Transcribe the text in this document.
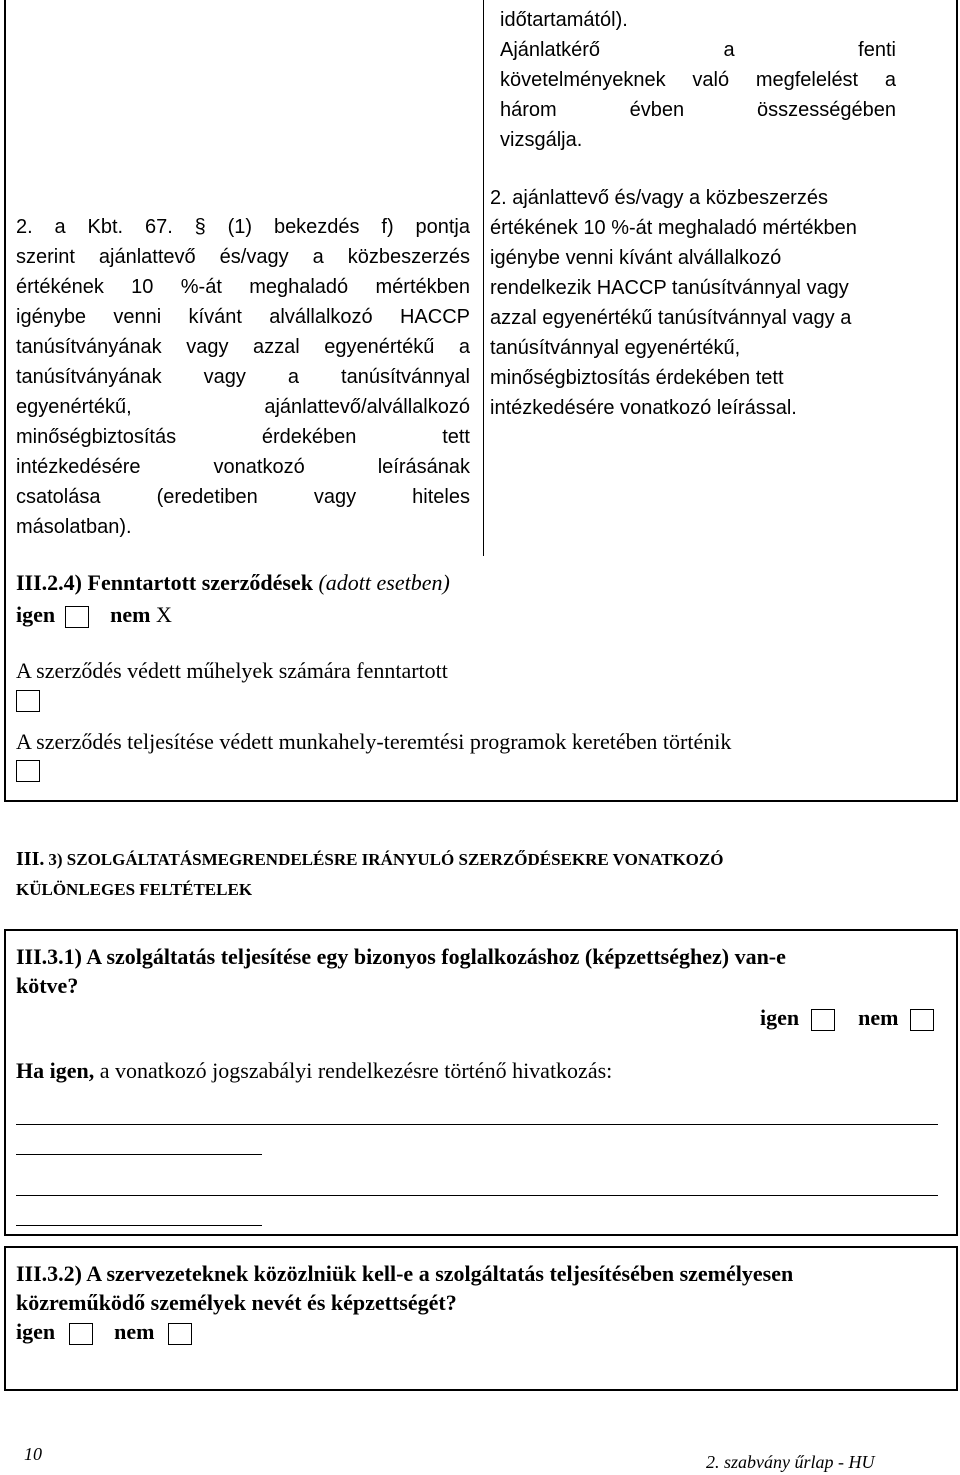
2. a Kbt. 67. § (1) bekezdés f) pontja
szerint ajánlattevő és/vagy a közbeszerzés
értékének 10 %-át meghaladó mértékben
igénybe venni kívánt alvállalkozó HACCP
tanúsítványának vagy azzal egyenértékű a
tanúsítványának vagy a tanúsítvánnyal
egyenértékű, ajánlattevő/alvállalkozó
minőségbiztosítás érdekében tett
intézkedésére vonatkozó leírásának
csatolása (eredetiben vagy hiteles
másolatban).
időtartamától).
Ajánlatkérő a fenti
követelményeknek való megfelelést a
három évben összességében
vizsgálja.
2. ajánlattevő és/vagy a közbeszerzés
értékének 10 %-át meghaladó mértékben
igénybe venni kívánt alvállalkozó
rendelkezik HACCP tanúsítvánnyal vagy
azzal egyenértékű tanúsítvánnyal vagy a
tanúsítvánnyal egyenértékű,
minőségbiztosítás érdekében tett
intézkedésére vonatkozó leírással.
III.2.4) Fenntartott szerződések (adott esetben)
igen	nem X
A szerződés védett műhelyek számára fenntartott
A szerződés teljesítése védett munkahely-teremtési programok keretében történik
III. 3) SZOLGÁLTATÁSMEGRENDELÉSRE IRÁNYULÓ SZERZŐDÉSEKRE VONATKOZÓ
KÜLÖNLEGES FELTÉTELEK
III.3.1) A szolgáltatás teljesítése egy bizonyos foglalkozáshoz (képzettséghez) van-e
kötve?
igen	nem
Ha igen, a vonatkozó jogszabályi rendelkezésre történő hivatkozás:
III.3.2) A szervezeteknek közözlniük kell-e a szolgáltatás teljesítésében személyesen
közreműködő személyek nevét és képzettségét?
igen	nem
10	2. szabvány űrlap - HU
